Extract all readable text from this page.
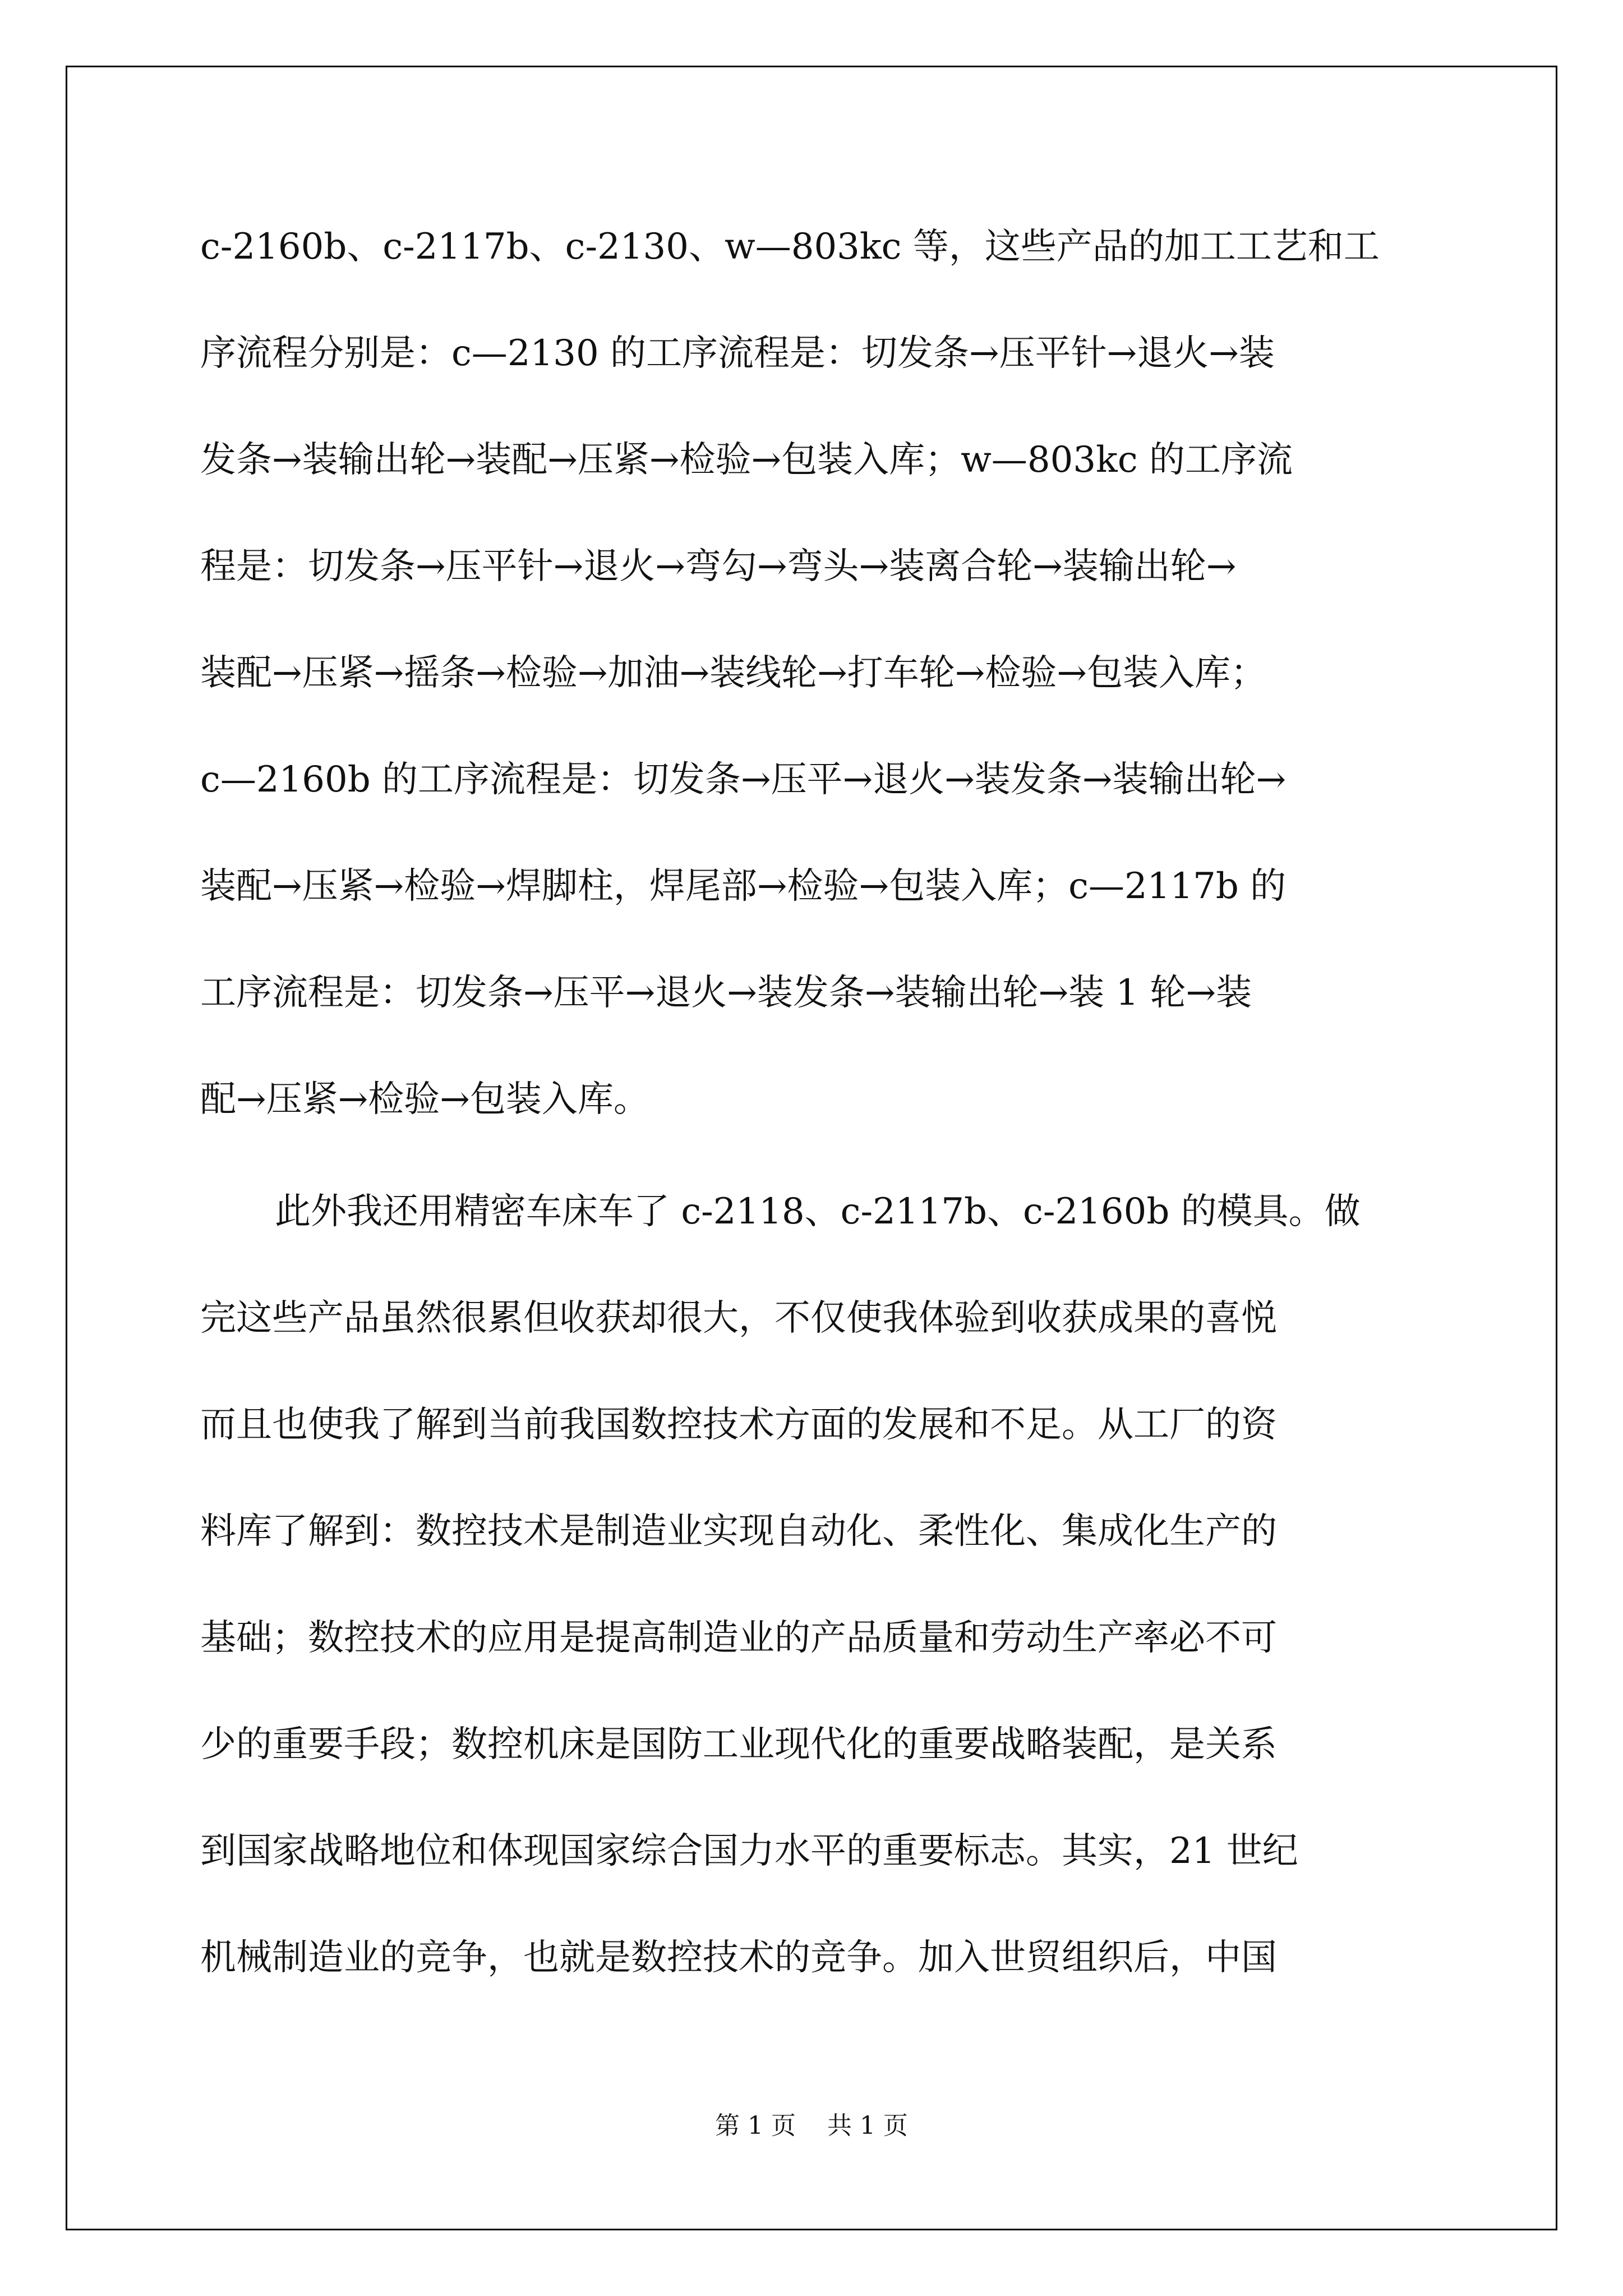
c-2160b、c-2117b、c-2130、w—803kc 等，这些产品的加工工艺和工

序流程分别是：c—2130 的工序流程是：切发条→压平针→退火→装

发条→装输出轮→装配→压紧→检验→包装入库；w—803kc 的工序流

程是：切发条→压平针→退火→弯勾→弯头→装离合轮→装输出轮→

装配→压紧→摇条→检验→加油→装线轮→打车轮→检验→包装入库；

c—2160b 的工序流程是：切发条→压平→退火→装发条→装输出轮→

装配→压紧→检验→焊脚柱，焊尾部→检验→包装入库；c—2117b 的

工序流程是：切发条→压平→退火→装发条→装输出轮→装 1 轮→装

配→压紧→检验→包装入库。

此外我还用精密车床车了 c-2118、c-2117b、c-2160b 的模具。做

完这些产品虽然很累但收获却很大，不仅使我体验到收获成果的喜悦

而且也使我了解到当前我国数控技术方面的发展和不足。从工厂的资

料库了解到：数控技术是制造业实现自动化、柔性化、集成化生产的

基础；数控技术的应用是提高制造业的产品质量和劳动生产率必不可

少的重要手段；数控机床是国防工业现代化的重要战略装配，是关系

到国家战略地位和体现国家综合国力水平的重要标志。其实，21 世纪

机械制造业的竞争，也就是数控技术的竞争。加入世贸组织后，中国

第 1 页    共 1 页
